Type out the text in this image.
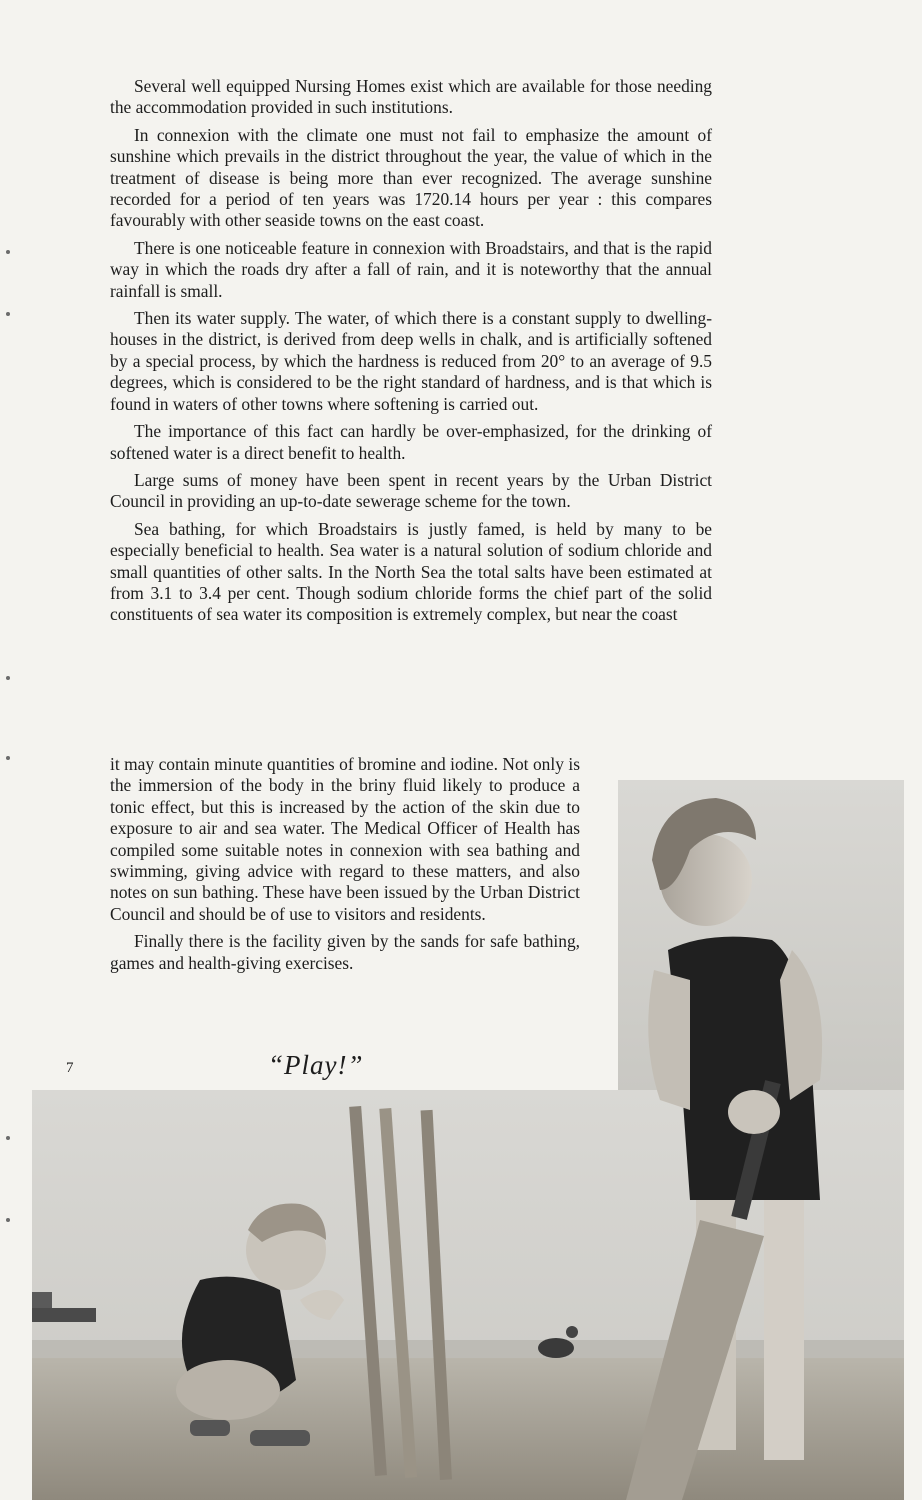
Several well equipped Nursing Homes exist which are available for those needing the accommodation provided in such institutions.

In connexion with the climate one must not fail to emphasize the amount of sunshine which prevails in the district throughout the year, the value of which in the treatment of disease is being more than ever recognized. The average sunshine recorded for a period of ten years was 1720.14 hours per year : this compares favourably with other seaside towns on the east coast.

There is one noticeable feature in connexion with Broadstairs, and that is the rapid way in which the roads dry after a fall of rain, and it is noteworthy that the annual rainfall is small.

Then its water supply. The water, of which there is a constant supply to dwelling-houses in the district, is derived from deep wells in chalk, and is artificially softened by a special process, by which the hardness is reduced from 20° to an average of 9.5 degrees, which is considered to be the right standard of hardness, and is that which is found in waters of other towns where softening is carried out.

The importance of this fact can hardly be over-emphasized, for the drinking of softened water is a direct benefit to health.

Large sums of money have been spent in recent years by the Urban District Council in providing an up-to-date sewerage scheme for the town.

Sea bathing, for which Broadstairs is justly famed, is held by many to be especially beneficial to health. Sea water is a natural solution of sodium chloride and small quantities of other salts. In the North Sea the total salts have been estimated at from 3.1 to 3.4 per cent. Though sodium chloride forms the chief part of the solid constituents of sea water its composition is extremely complex, but near the coast

it may contain minute quantities of bromine and iodine. Not only is the immersion of the body in the briny fluid likely to produce a tonic effect, but this is increased by the action of the skin due to exposure to air and sea water. The Medical Officer of Health has compiled some suitable notes in connexion with sea bathing and swimming, giving advice with regard to these matters, and also notes on sun bathing. These have been issued by the Urban District Council and should be of use to visitors and residents.

Finally there is the facility given by the sands for safe bathing, games and health-giving exercises.

7	“Play!”
